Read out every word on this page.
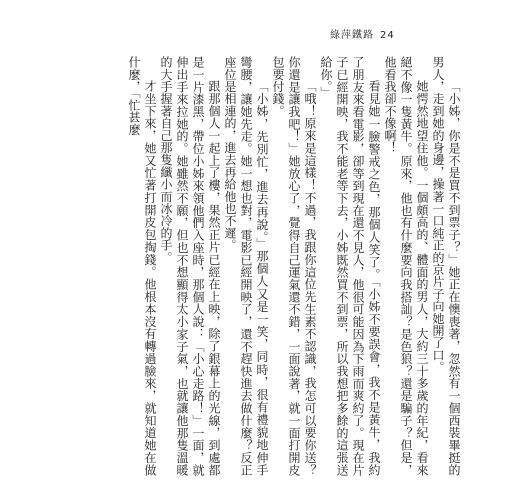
綠萍鐵路 24

「小姊，你是不是買不到票子？」她正在懊喪著，忽然有一個西裝畢挺的男人，走到她的身邊，操著一口純正的京片子向她開了口。

她愕然地望住他。一個頗高的、體面的男人，大約三十多歲的年紀，看來絕不像一隻黃牛。原來，他也有什麼要向我搭訕？是色狼？還是騙子？但是，他看我卻不像啊！

看見她一臉警戒之色，那個人笑了。「小姊不要誤會，我不是黃牛，我約了朋友來看電影，卻等到現在還不見人，他很可能因為下雨而爽約了。現在片子已經開映，我不能老等下去，小姊既然買不到票，所以我想把多餘的這張送給你。」

「哦！原來是這樣！不過，我跟你這位先生素不認識，我怎可以要你送？你還是讓我吧！」她放心了，覺得自己運氣還不錯，一面說著，就一面打開皮包要付錢。

「小姊，先別忙，進去再說。」那個人又是一笑，同時，很有禮貌地伸手彎腰，讓她先走。她一想也對，電影已經開映了，還不趕快進去做什麼？反正座位是相連的，進去再給他也不遲。

跟那個人一起上了樓，果然正片已經在上映，除了銀幕上的光線，到處都是一片漆黑，帶位小姊來領他們入座時，那個人說：「小心走路！」一面，就伸出手來拉她的。她雖然不願，但也不想顯得太小家子氣，也就讓他那隻溫暖的大手握著自己那隻纖小而冰冷的手。

才坐下來，她又忙著打開皮包掏錢。他根本沒有轉過臉來，就知道她在做什麼，「忙甚麼
